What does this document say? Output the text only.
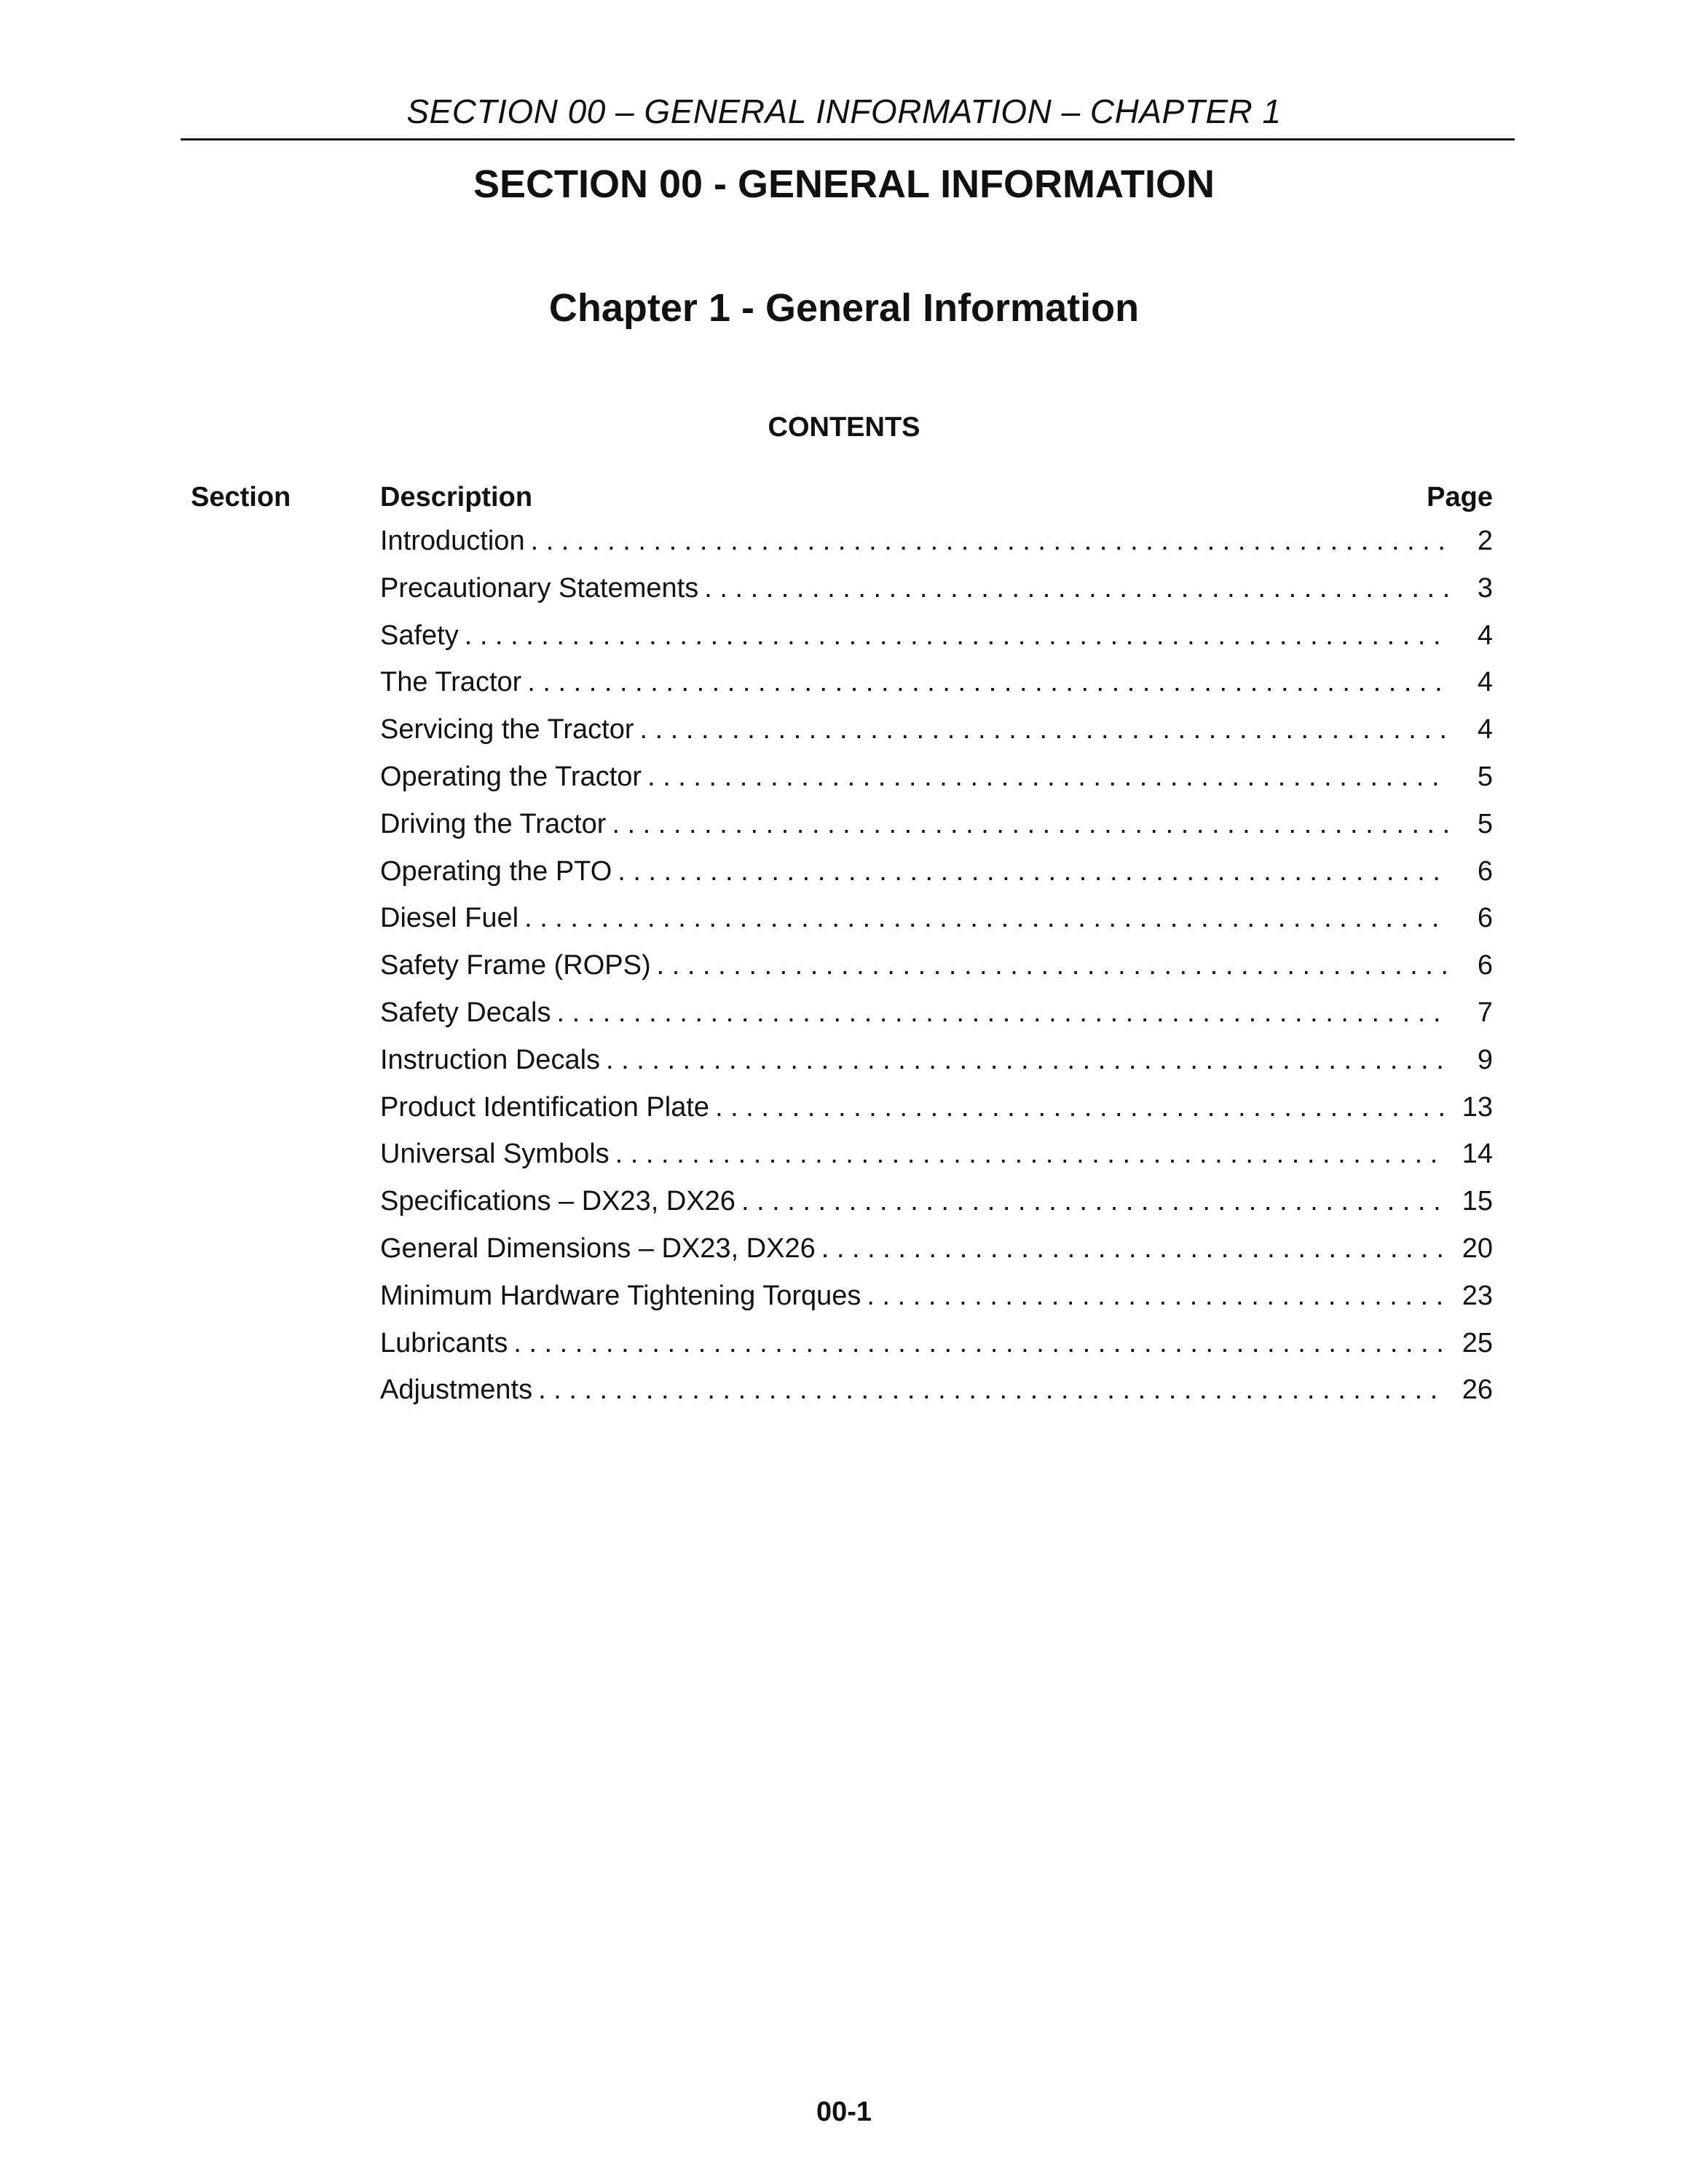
SECTION 00 – GENERAL INFORMATION – CHAPTER 1
SECTION 00 - GENERAL INFORMATION
Chapter 1 - General Information
CONTENTS
Section	Description	Page
Introduction . . .	2
Precautionary Statements . . .	3
Safety . . .	4
The Tractor . . .	4
Servicing the Tractor . . .	4
Operating the Tractor . . .	5
Driving the Tractor . . .	5
Operating the PTO . . .	6
Diesel Fuel . . .	6
Safety Frame (ROPS) . . .	6
Safety Decals . . .	7
Instruction Decals . . .	9
Product Identification Plate . . .	13
Universal Symbols . . .	14
Specifications – DX23, DX26 . . .	15
General Dimensions – DX23, DX26 . . .	20
Minimum Hardware Tightening Torques . . .	23
Lubricants . . .	25
Adjustments . . .	26
00-1
